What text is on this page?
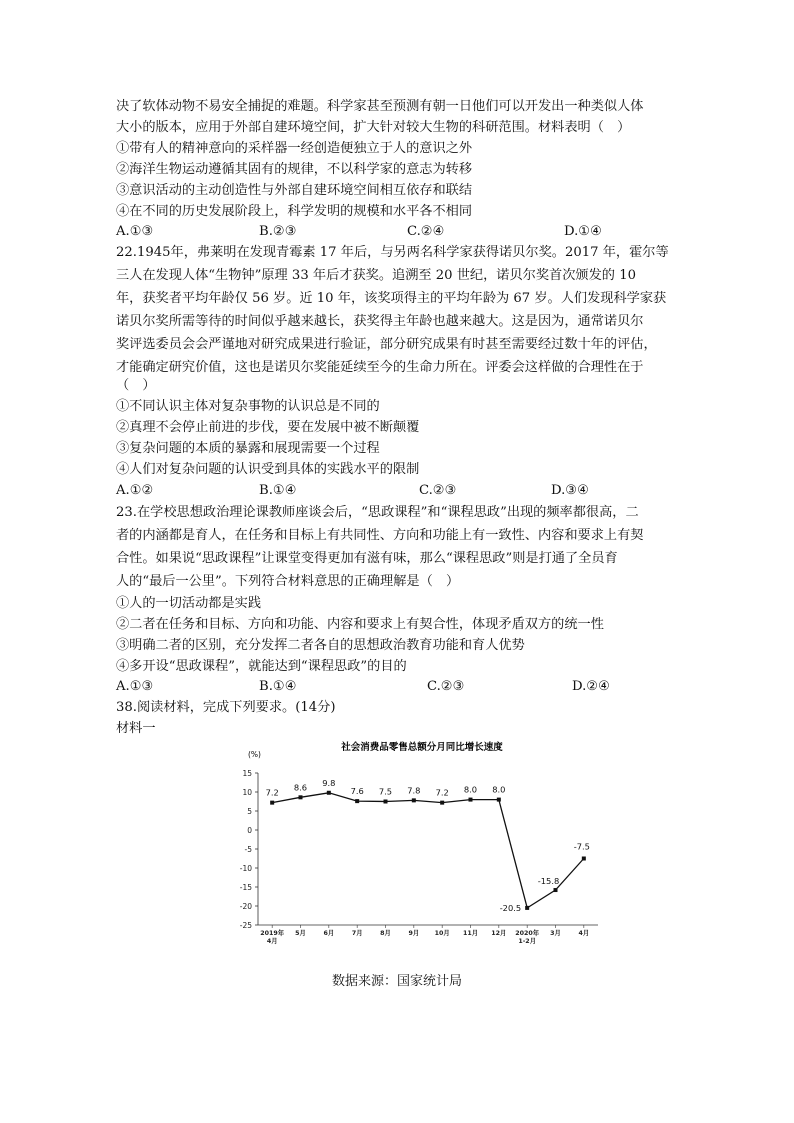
决了软体动物不易安全捕捉的难题。科学家甚至预测有朝一日他们可以开发出一种类似人体
大小的版本，应用于外部自建环境空间，扩大针对较大生物的科研范围。材料表明（　）
①带有人的精神意向的采样器一经创造便独立于人的意识之外
②海洋生物运动遵循其固有的规律，不以科学家的意志为转移
③意识活动的主动创造性与外部自建环境空间相互依存和联结
④在不同的历史发展阶段上，科学发明的规模和水平各不相同
A.①③	B.②③	C.②④	D.①④
22.1945年，弗莱明在发现青霉素 17 年后，与另两名科学家获得诺贝尔奖。2017 年，霍尔等
三人在发现人体“生物钟”原理 33 年后才获奖。追溯至 20 世纪，诺贝尔奖首次颁发的 10
年，获奖者平均年龄仅 56 岁。近 10 年，该奖项得主的平均年龄为 67 岁。人们发现科学家获
诺贝尔奖所需等待的时间似乎越来越长，获奖得主年龄也越来越大。这是因为，通常诺贝尔
奖评选委员会会严谨地对研究成果进行验证，部分研究成果有时甚至需要经过数十年的评估，
才能确定研究价值，这也是诺贝尔奖能延续至今的生命力所在。评委会这样做的合理性在于
（　）
①不同认识主体对复杂事物的认识总是不同的
②真理不会停止前进的步伐，要在发展中被不断颠覆
③复杂问题的本质的暴露和展现需要一个过程
④人们对复杂问题的认识受到具体的实践水平的限制
A.①②	B.①④	C.②③	D.③④
23.在学校思想政治理论课教师座谈会后，“思政课程”和“课程思政”出现的频率都很高，二
者的内涵都是育人，在任务和目标上有共同性、方向和功能上有一致性、内容和要求上有契
合性。如果说“思政课程”让课堂变得更加有滋有味，那么“课程思政”则是打通了全员育
人的“最后一公里”。下列符合材料意思的正确理解是（　）
①人的一切活动都是实践
②二者在任务和目标、方向和功能、内容和要求上有契合性，体现矛盾双方的统一性
③明确二者的区别，充分发挥二者各自的思想政治教育功能和育人优势
④多开设“思政课程”，就能达到“课程思政”的目的
A.①③	B.①④	C.②③	D.②④
38.阅读材料，完成下列要求。(14分)
材料一
社会消费品零售总额分月同比增长速度
(%)
15
10
5
0
-5
-10
-15
-20
-25
2019年
4月
5月	6月	7月	8月	9月 10月 11月 12月 2020年
1-2月
3月	4月
7.2
8.6 9.8
7.6 7.5 7.8 7.2 8.0 8.0
-20.5
-15.8
-7.5
数据来源：国家统计局
